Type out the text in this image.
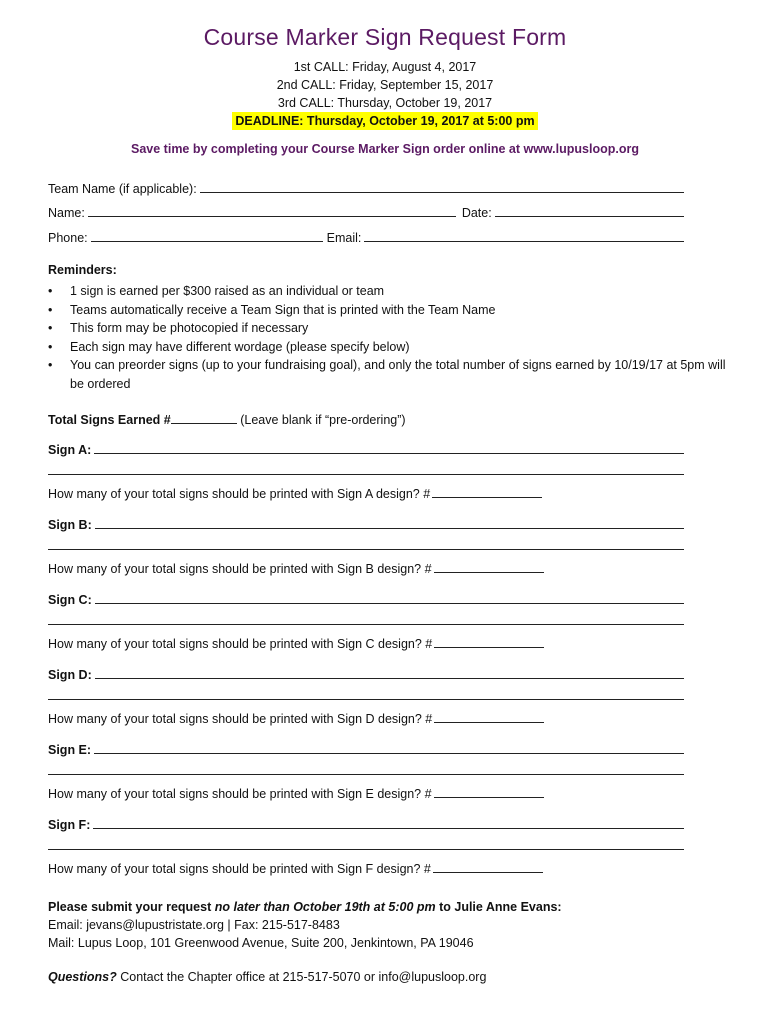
Course Marker Sign Request Form
1st CALL: Friday, August 4, 2017
2nd CALL: Friday, September 15, 2017
3rd CALL: Thursday, October 19, 2017
DEADLINE: Thursday, October 19, 2017 at 5:00 pm
Save time by completing your Course Marker Sign order online at www.lupusloop.org
Team Name (if applicable):
Name:	Date:
Phone:	Email:
Reminders:
• 1 sign is earned per $300 raised as an individual or team
• Teams automatically receive a Team Sign that is printed with the Team Name
• This form may be photocopied if necessary
• Each sign may have different wordage (please specify below)
• You can preorder signs (up to your fundraising goal), and only the total number of signs earned by 10/19/17 at 5pm will be ordered
Total Signs Earned #	(Leave blank if “pre-ordering”)
Sign A:
How many of your total signs should be printed with Sign A design? #
Sign B:
How many of your total signs should be printed with Sign B design? #
Sign C:
How many of your total signs should be printed with Sign C design? #
Sign D:
How many of your total signs should be printed with Sign D design? #
Sign E:
How many of your total signs should be printed with Sign E design? #
Sign F:
How many of your total signs should be printed with Sign F design? #
Please submit your request no later than October 19th at 5:00 pm to Julie Anne Evans:
Email: jevans@lupustristate.org | Fax: 215-517-8483
Mail: Lupus Loop, 101 Greenwood Avenue, Suite 200, Jenkintown, PA 19046
Questions? Contact the Chapter office at 215-517-5070 or info@lupusloop.org
